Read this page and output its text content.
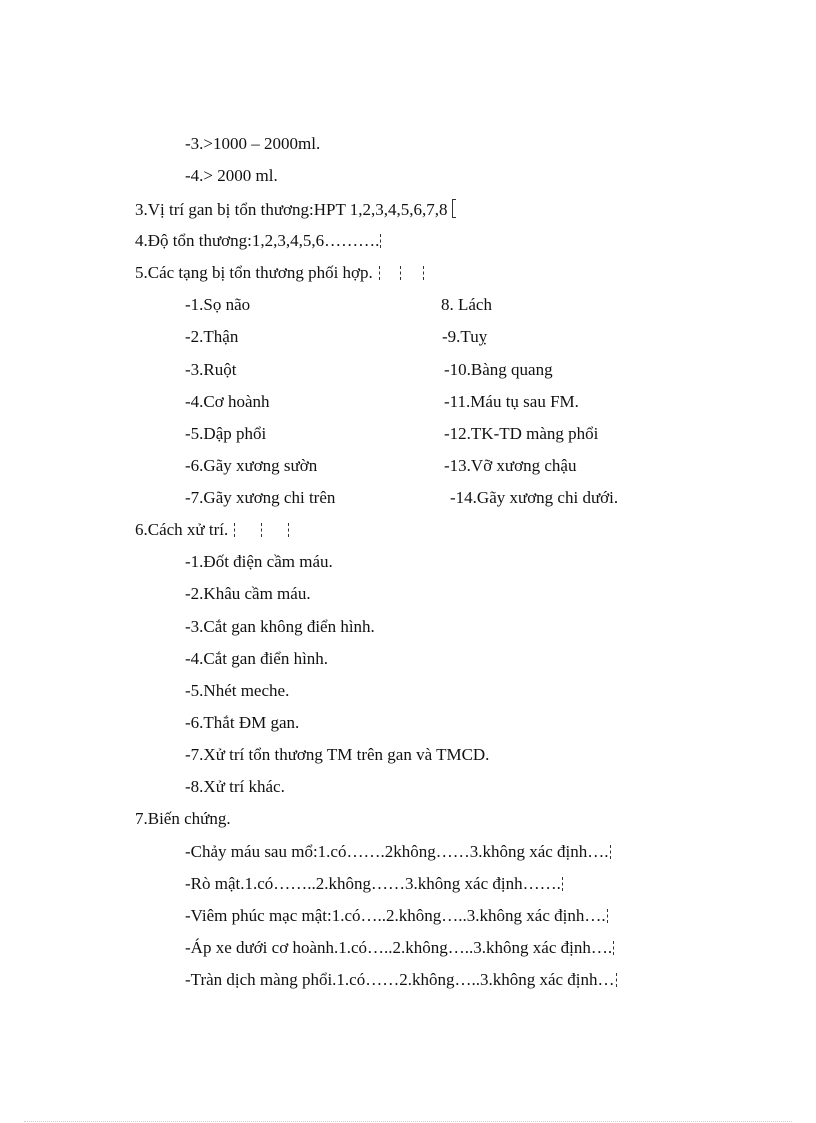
-3.>1000 – 2000ml.
-4.> 2000 ml.
3.Vị trí gan bị tổn thương:HPT 1,2,3,4,5,6,7,8
4.Độ tổn thương:1,2,3,4,5,6……….
5.Các tạng bị tổn thương phối hợp.
-1.Sọ não
-2.Thận
-3.Ruột
-4.Cơ hoành
-5.Dập phổi
-6.Gãy xương sườn
-7.Gãy xương chi trên
8. Lách
-9.Tuỵ
-10.Bàng quang
-11.Máu tụ sau FM.
-12.TK-TD màng phổi
-13.Vỡ xương chậu
-14.Gãy xương chi dưới.
6.Cách xử trí.
-1.Đốt điện cầm máu.
-2.Khâu cầm máu.
-3.Cắt gan không điển hình.
-4.Cắt gan điển hình.
-5.Nhét meche.
-6.Thắt ĐM gan.
-7.Xử trí tổn thương TM trên gan và TMCD.
-8.Xử trí khác.
7.Biến chứng.
-Chảy máu sau mổ:1.có…….2không……3.không xác định….
-Rò mật.1.có……..2.không……3.không xác định…….
-Viêm phúc mạc mật:1.có…..2.không…..3.không xác định….
-Áp xe dưới cơ hoành.1.có…..2.không…..3.không xác định….
-Tràn dịch màng phổi.1.có……2.không…..3.không xác định…
